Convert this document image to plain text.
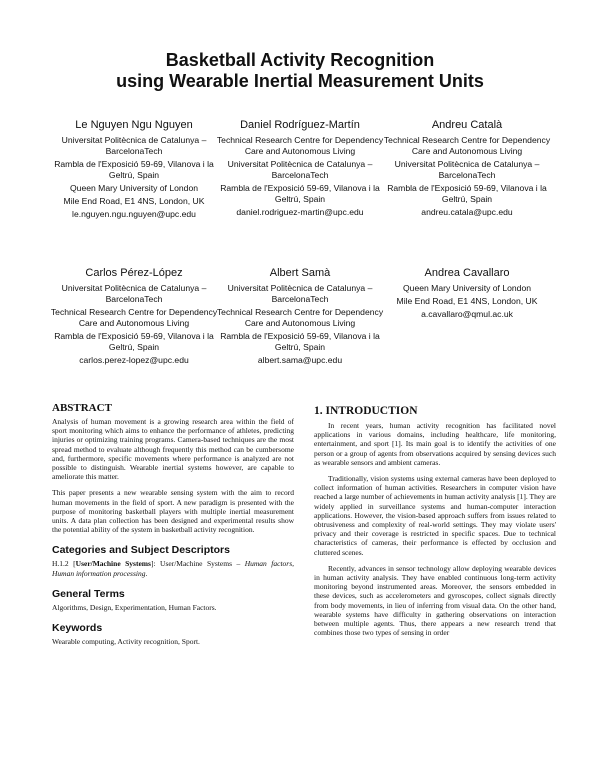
Basketball Activity Recognition
using Wearable Inertial Measurement Units
Le Nguyen Ngu Nguyen
Universitat Politècnica de Catalunya – BarcelonaTech
Rambla de l'Exposició 59-69, Vilanova i la Geltrú, Spain
Queen Mary University of London
Mile End Road, E1 4NS, London, UK
le.nguyen.ngu.nguyen@upc.edu
Daniel Rodríguez-Martín
Technical Research Centre for Dependency Care and Autonomous Living
Universitat Politècnica de Catalunya – BarcelonaTech
Rambla de l'Exposició 59-69, Vilanova i la Geltrú, Spain
daniel.rodriguez-martin@upc.edu
Andreu Català
Technical Research Centre for Dependency Care and Autonomous Living
Universitat Politècnica de Catalunya – BarcelonaTech
Rambla de l'Exposició 59-69, Vilanova i la Geltrú, Spain
andreu.catala@upc.edu
Carlos Pérez-López
Universitat Politècnica de Catalunya – BarcelonaTech
Technical Research Centre for Dependency Care and Autonomous Living
Rambla de l'Exposició 59-69, Vilanova i la Geltrú, Spain
carlos.perez-lopez@upc.edu
Albert Samà
Universitat Politècnica de Catalunya – BarcelonaTech
Technical Research Centre for Dependency Care and Autonomous Living
Rambla de l'Exposició 59-69, Vilanova i la Geltrú, Spain
albert.sama@upc.edu
Andrea Cavallaro
Queen Mary University of London
Mile End Road, E1 4NS, London, UK
a.cavallaro@qmul.ac.uk
ABSTRACT

Analysis of human movement is a growing research area within the field of sport monitoring which aims to enhance the performance of athletes, predicting injuries or optimizing training programs. Camera-based techniques are the most spread method to evaluate although frequently this method can be cumbersome and, furthermore, specific movements where performance is analyzed are not possible to distinguish. Wearable inertial systems however, are capable to ameliorate this matter.

This paper presents a new wearable sensing system with the aim to record human movements in the field of sport. A new paradigm is presented with the purpose of monitoring basketball players with multiple inertial measurement units. A data plan collection has been designed and experimental results show the potential ability of the system in basketball activity recognition.

Categories and Subject Descriptors

H.1.2 [User/Machine Systems]: User/Machine Systems – Human factors, Human information processing.

General Terms

Algorithms, Design, Experimentation, Human Factors.

Keywords

Wearable computing, Activity recognition, Sport.

1. INTRODUCTION

In recent years, human activity recognition has facilitated novel applications in various domains, including healthcare, life monitoring, entertainment, and sport [1]. Its main goal is to identify the activities of one person or a group of agents from observations acquired by sensing devices such as wearable sensors and ambient cameras.

Traditionally, vision systems using external cameras have been deployed to collect information of human activities. Researchers in computer vision have reached a large number of achievements in human activity analysis [1]. They are widely applied in surveillance systems and human-computer interaction applications. However, the vision-based approach suffers from issues related to obtrusiveness and complexity of real-world settings. They may violate users' privacy and their coverage is restricted in specific spaces. Due to technical characteristics of cameras, their performance is effected by occlusion and cluttered scenes.

Recently, advances in sensor technology allow deploying wearable devices in human activity analysis. They have enabled continuous long-term activity monitoring beyond instrumented areas. Moreover, the sensors embedded in these devices, such as accelerometers and gyroscopes, collect signals directly from body movements, in lieu of inferring from visual data. On the other hand, wearable systems have difficulty in gathering observations on interaction between multiple agents. Thus, there appears a new research trend that combines those two types of sensing in order
